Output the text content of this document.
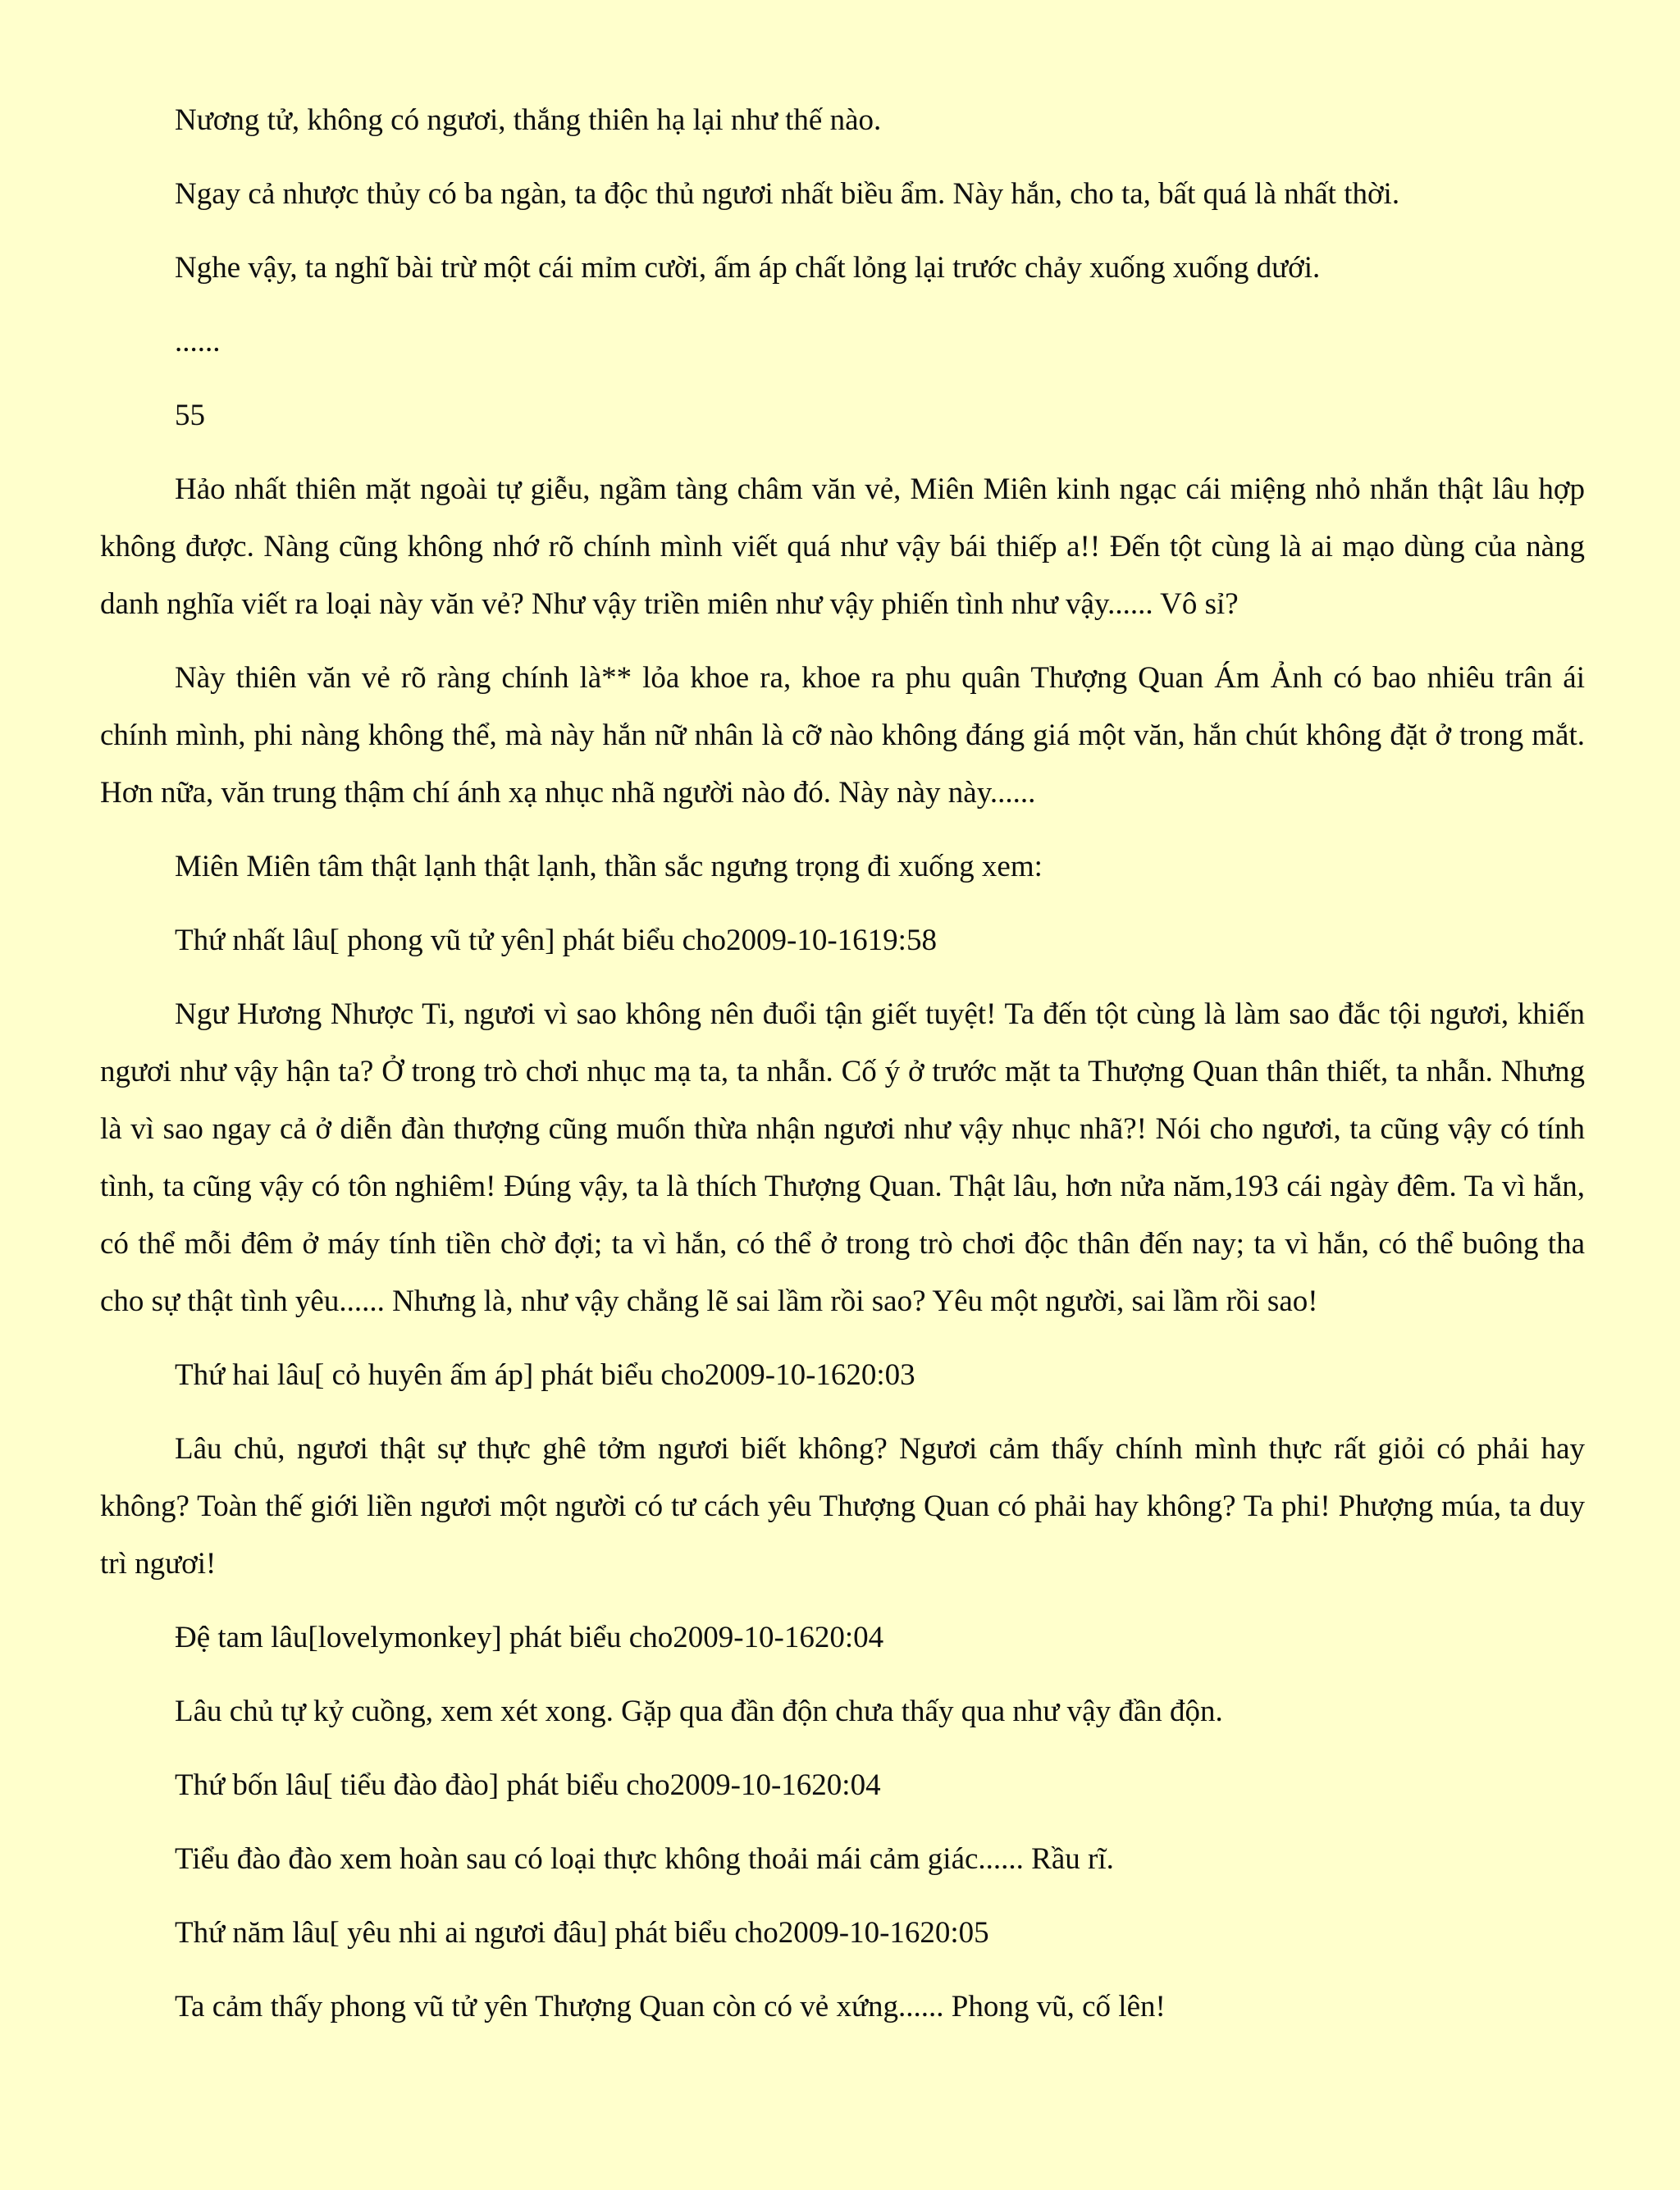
Nương tử, không có ngươi, thắng thiên hạ lại như thế nào.

Ngay cả nhược thủy có ba ngàn, ta độc thủ ngươi nhất biều ẩm. Này hắn, cho ta, bất quá là nhất thời.

Nghe vậy, ta nghĩ bài trừ một cái mỉm cười, ấm áp chất lỏng lại trước chảy xuống xuống dưới.

......

55

Hảo nhất thiên mặt ngoài tự giễu, ngầm tàng châm văn vẻ, Miên Miên kinh ngạc cái miệng nhỏ nhắn thật lâu hợp không được. Nàng cũng không nhớ rõ chính mình viết quá như vậy bái thiếp a!! Đến tột cùng là ai mạo dùng của nàng danh nghĩa viết ra loại này văn vẻ? Như vậy triền miên như vậy phiến tình như vậy...... Vô sỉ?

Này thiên văn vẻ rõ ràng chính là** lỏa khoe ra, khoe ra phu quân Thượng Quan Ám Ảnh có bao nhiêu trân ái chính mình, phi nàng không thể, mà này hắn nữ nhân là cỡ nào không đáng giá một văn, hắn chút không đặt ở trong mắt. Hơn nữa, văn trung thậm chí ánh xạ nhục nhã người nào đó. Này này này......

Miên Miên tâm thật lạnh thật lạnh, thần sắc ngưng trọng đi xuống xem:

Thứ nhất lâu[ phong vũ tử yên] phát biểu cho2009-10-1619:58

Ngư Hương Nhược Ti, ngươi vì sao không nên đuổi tận giết tuyệt! Ta đến tột cùng là làm sao đắc tội ngươi, khiến ngươi như vậy hận ta? Ở trong trò chơi nhục mạ ta, ta nhẫn. Cố ý ở trước mặt ta Thượng Quan thân thiết, ta nhẫn. Nhưng là vì sao ngay cả ở diễn đàn thượng cũng muốn thừa nhận ngươi như vậy nhục nhã?! Nói cho ngươi, ta cũng vậy có tính tình, ta cũng vậy có tôn nghiêm! Đúng vậy, ta là thích Thượng Quan. Thật lâu, hơn nửa năm,193 cái ngày đêm. Ta vì hắn, có thể mỗi đêm ở máy tính tiền chờ đợi; ta vì hắn, có thể ở trong trò chơi độc thân đến nay; ta vì hắn, có thể buông tha cho sự thật tình yêu...... Nhưng là, như vậy chẳng lẽ sai lầm rồi sao? Yêu một người, sai lầm rồi sao!

Thứ hai lâu[ cỏ huyên ấm áp] phát biểu cho2009-10-1620:03

Lâu chủ, ngươi thật sự thực ghê tởm ngươi biết không? Ngươi cảm thấy chính mình thực rất giỏi có phải hay không? Toàn thế giới liền ngươi một người có tư cách yêu Thượng Quan có phải hay không? Ta phi! Phượng múa, ta duy trì ngươi!

Đệ tam lâu[lovelymonkey] phát biểu cho2009-10-1620:04

Lâu chủ tự kỷ cuồng, xem xét xong. Gặp qua đần độn chưa thấy qua như vậy đần độn.

Thứ bốn lâu[ tiểu đào đào] phát biểu cho2009-10-1620:04

Tiểu đào đào xem hoàn sau có loại thực không thoải mái cảm giác...... Rầu rĩ.

Thứ năm lâu[ yêu nhi ai ngươi đâu] phát biểu cho2009-10-1620:05

Ta cảm thấy phong vũ tử yên Thượng Quan còn có vẻ xứng...... Phong vũ, cố lên!
